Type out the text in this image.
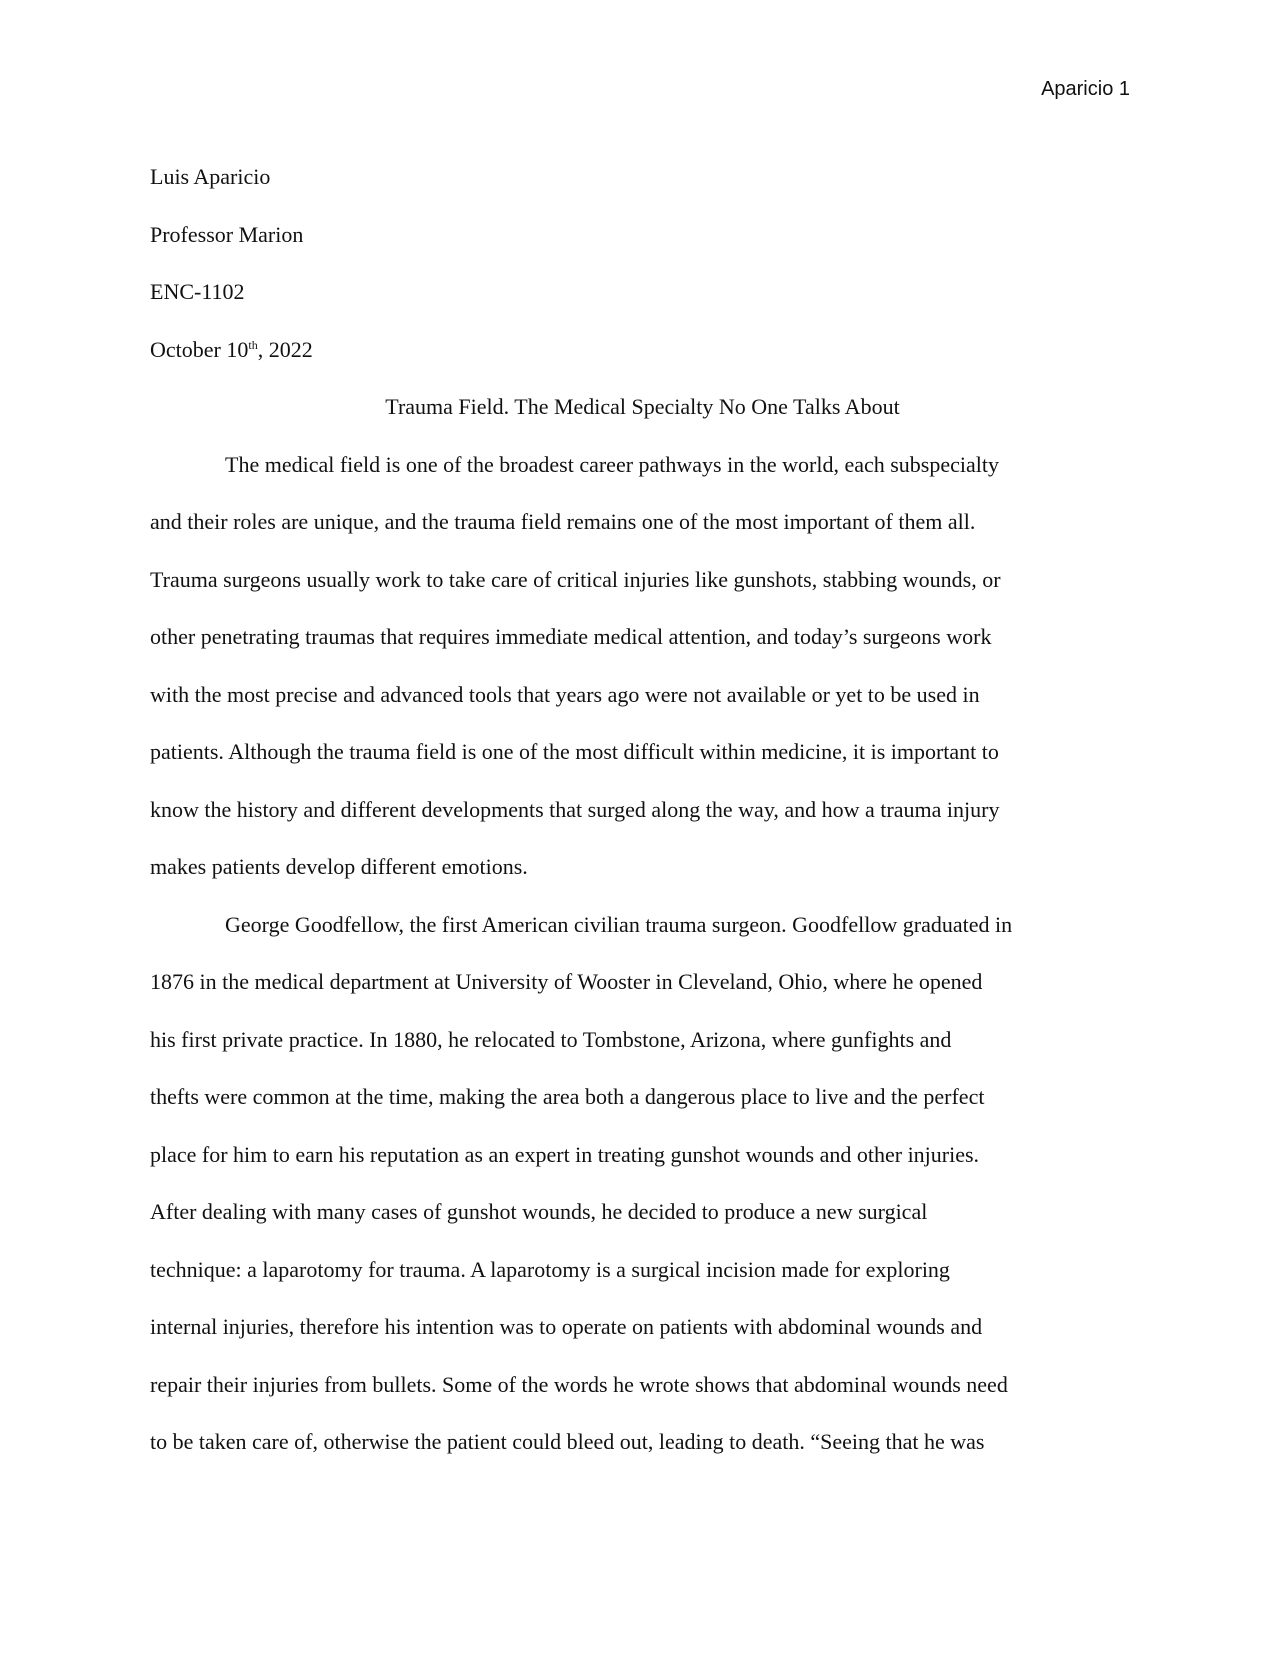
Aparicio 1

Luis Aparicio

Professor Marion

ENC-1102

October 10th, 2022

Trauma Field. The Medical Specialty No One Talks About

The medical field is one of the broadest career pathways in the world, each subspecialty
and their roles are unique, and the trauma field remains one of the most important of them all.
Trauma surgeons usually work to take care of critical injuries like gunshots, stabbing wounds, or
other penetrating traumas that requires immediate medical attention, and today’s surgeons work
with the most precise and advanced tools that years ago were not available or yet to be used in
patients. Although the trauma field is one of the most difficult within medicine, it is important to
know the history and different developments that surged along the way, and how a trauma injury
makes patients develop different emotions.

George Goodfellow, the first American civilian trauma surgeon. Goodfellow graduated in
1876 in the medical department at University of Wooster in Cleveland, Ohio, where he opened
his first private practice. In 1880, he relocated to Tombstone, Arizona, where gunfights and
thefts were common at the time, making the area both a dangerous place to live and the perfect
place for him to earn his reputation as an expert in treating gunshot wounds and other injuries.
After dealing with many cases of gunshot wounds, he decided to produce a new surgical
technique: a laparotomy for trauma. A laparotomy is a surgical incision made for exploring
internal injuries, therefore his intention was to operate on patients with abdominal wounds and
repair their injuries from bullets. Some of the words he wrote shows that abdominal wounds need
to be taken care of, otherwise the patient could bleed out, leading to death. “Seeing that he was
